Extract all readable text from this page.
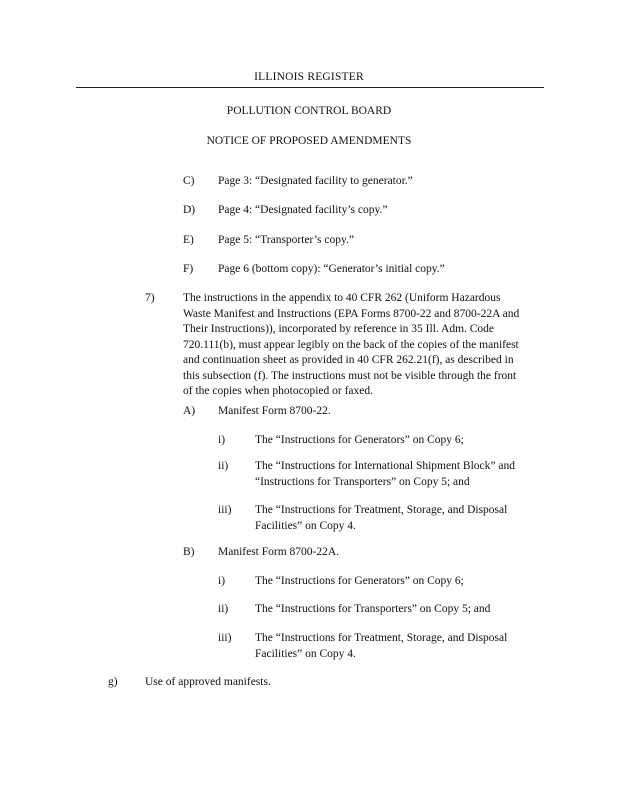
ILLINOIS REGISTER
POLLUTION CONTROL BOARD
NOTICE OF PROPOSED AMENDMENTS
C) Page 3: “Designated facility to generator.”
D) Page 4: “Designated facility’s copy.”
E) Page 5: “Transporter’s copy.”
F) Page 6 (bottom copy): “Generator’s initial copy.”
7) The instructions in the appendix to 40 CFR 262 (Uniform Hazardous
Waste Manifest and Instructions (EPA Forms 8700-22 and 8700-22A and
Their Instructions)), incorporated by reference in 35 Ill. Adm. Code
720.111(b), must appear legibly on the back of the copies of the manifest
and continuation sheet as provided in 40 CFR 262.21(f), as described in
this subsection (f). The instructions must not be visible through the front
of the copies when photocopied or faxed.
A) Manifest Form 8700-22.
i)	The “Instructions for Generators” on Copy 6;
ii) The “Instructions for International Shipment Block” and
“Instructions for Transporters” on Copy 5; and
iii) The “Instructions for Treatment, Storage, and Disposal
Facilities” on Copy 4.
B) Manifest Form 8700-22A.
i)	The “Instructions for Generators” on Copy 6;
ii) The “Instructions for Transporters” on Copy 5; and
iii) The “Instructions for Treatment, Storage, and Disposal
Facilities” on Copy 4.
g) Use of approved manifests.
